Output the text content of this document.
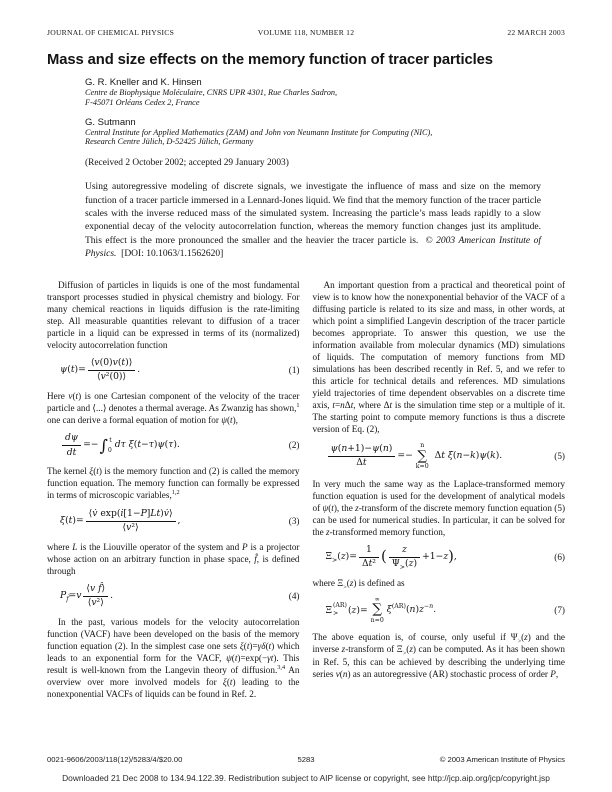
JOURNAL OF CHEMICAL PHYSICS	VOLUME 118, NUMBER 12	22 MARCH 2003
Mass and size effects on the memory function of tracer particles
G. R. Kneller and K. Hinsen
Centre de Biophysique Moléculaire, CNRS UPR 4301, Rue Charles Sadron,
F-45071 Orléans Cedex 2, France
G. Sutmann
Central Institute for Applied Mathematics (ZAM) and John von Neumann Institute for Computing (NIC),
Research Centre Jülich, D-52425 Jülich, Germany
(Received 2 October 2002; accepted 29 January 2003)
Using autoregressive modeling of discrete signals, we investigate the influence of mass and size on the memory function of a tracer particle immersed in a Lennard-Jones liquid. We find that the memory function of the tracer particle scales with the inverse reduced mass of the simulated system. Increasing the particle’s mass leads rapidly to a slow exponential decay of the velocity autocorrelation function, whereas the memory function changes just its amplitude. This effect is the more pronounced the smaller and the heavier the tracer particle is.  © 2003 American Institute of Physics.  [DOI: 10.1063/1.1562620]

Diffusion of particles in liquids is one of the most fundamental transport processes studied in physical chemistry and biology. For many chemical reactions in liquids diffusion is the rate-limiting step. All measurable quantities relevant to diffusion of a tracer particle in a liquid can be expressed in terms of its (normalized) velocity autocorrelation function

$\psi(t)= \frac{⟨v(0)v(t)⟩}{\text{⟨v²(0)⟩}}$ .	(1)

Here v(t) is one Cartesian component of the velocity of the tracer particle and ⟨...⟩ denotes a thermal average. As Zwanzig has shown,$^1$ one can derive a formal equation of motion for ψ(t),

$\frac{d\psi}{dt}$ =− ∫ t
0
dτ ξ(t−τ)ψ(τ).	(2)

The kernel ξ(t) is the memory function and (2) is called the memory function equation. The memory function can formally be expressed in terms of microscopic variables,$^{1,2}$

$\xi(t)= \frac{⟨v̇ \exp(i[1-P]Lt)v̇⟩}{\text{⟨v²⟩}}$ ,	(3)

where L is the Liouville operator of the system and P is a projector whose action on an arbitrary function in phase space, f̂, is defined through

$P_{f̂}=v \frac{\text{⟨v f̂⟩}}{\text{⟨v²⟩}}$ .	(4)

In the past, various models for the velocity autocorrelation function (VACF) have been developed on the basis of the memory function equation (2). In the simplest case one sets ξ(t)=γδ(t) which leads to an exponential form for the VACF, ψ(t)=exp(−γt). This result is well-known from the Langevin theory of diffusion.$^{3,4}$ An overview over more involved models for ξ(t) leading to the nonexponential VACFs of liquids can be found in Ref. 2.

An important question from a practical and theoretical point of view is to know how the nonexponential behavior of the VACF of a diffusing particle is related to its size and mass, in other words, at which point a simplified Langevin description of the tracer particle becomes appropriate. To answer this question, we use the information available from molecular dynamics (MD) simulations of liquids. The computation of memory functions from MD simulations has been described recently in Ref. 5, and we refer to this article for technical details and references. MD simulations yield trajectories of time dependent observables on a discrete time axis, t=nΔt, where Δt is the simulation time step or a multiple of it. The starting point to compute memory functions is thus a discrete version of Eq. (2),

$\frac{\psi(n+1)-\psi(n)}{\Delta t}$ =−
n
∑
k=0
Δt ξ(n−k)ψ(k).	(5)

In very much the same way as the Laplace-transformed memory function equation is used for the development of analytical models of ψ(t), the z-transform of the discrete memory function equation (5) can be used for numerical studies. In particular, it can be solved for the z-transformed memory function,

$\Xi_>(z)= \frac{1}{\text{Δt²}}$ ( $\frac{z}{\Psi_>(z)} +1-z$ ) ,	(6)

where $\Xi_>(z)$ is defined as

Ξ (AR)
> (z)=
∞
∑
n=0
$\xi^{(AR)}(n)z^{-n}$.	(7)

The above equation is, of course, only useful if $\Psi_>(z)$ and the inverse z-transform of $\Xi_>(z)$ can be computed. As it has been shown in Ref. 5, this can be achieved by describing the underlying time series v(n) as an autoregressive (AR) stochastic process of order P,

0021-9606/2003/118(12)/5283/4/$20.00	5283	© 2003 American Institute of Physics
Downloaded 21 Dec 2008 to 134.94.122.39. Redistribution subject to AIP license or copyright, see http://jcp.aip.org/jcp/copyright.jsp
